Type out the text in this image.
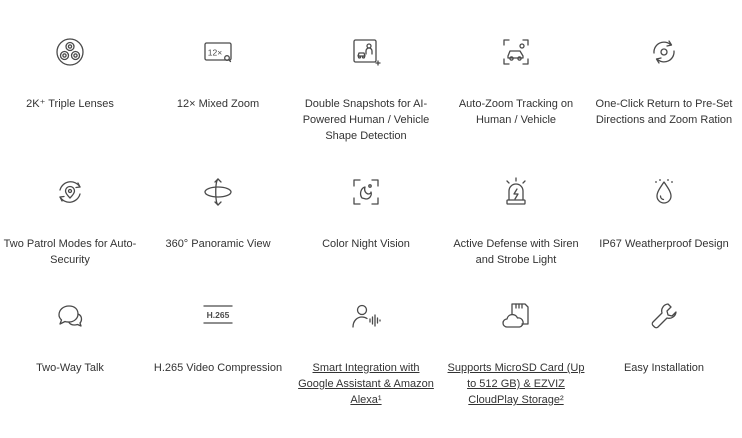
2K⁺ Triple Lenses
12×
12× Mixed Zoom	Double Snapshots for AI-Powered Human / Vehicle Shape Detection
Auto-Zoom Tracking on Human / Vehicle
One-Click Return to Pre-Set Directions and Zoom Ration
Two Patrol Modes for Auto-Security
360° Panoramic View	Color Night Vision	Active Defense with Siren and Strobe Light
IP67 Weatherproof Design
Two-Way Talk
H.265
H.265 Video Compression	Smart Integration with Google Assistant & Amazon Alexa¹
Supports MicroSD Card (Up to 512 GB) & EZVIZ CloudPlay Storage²
Easy Installation
